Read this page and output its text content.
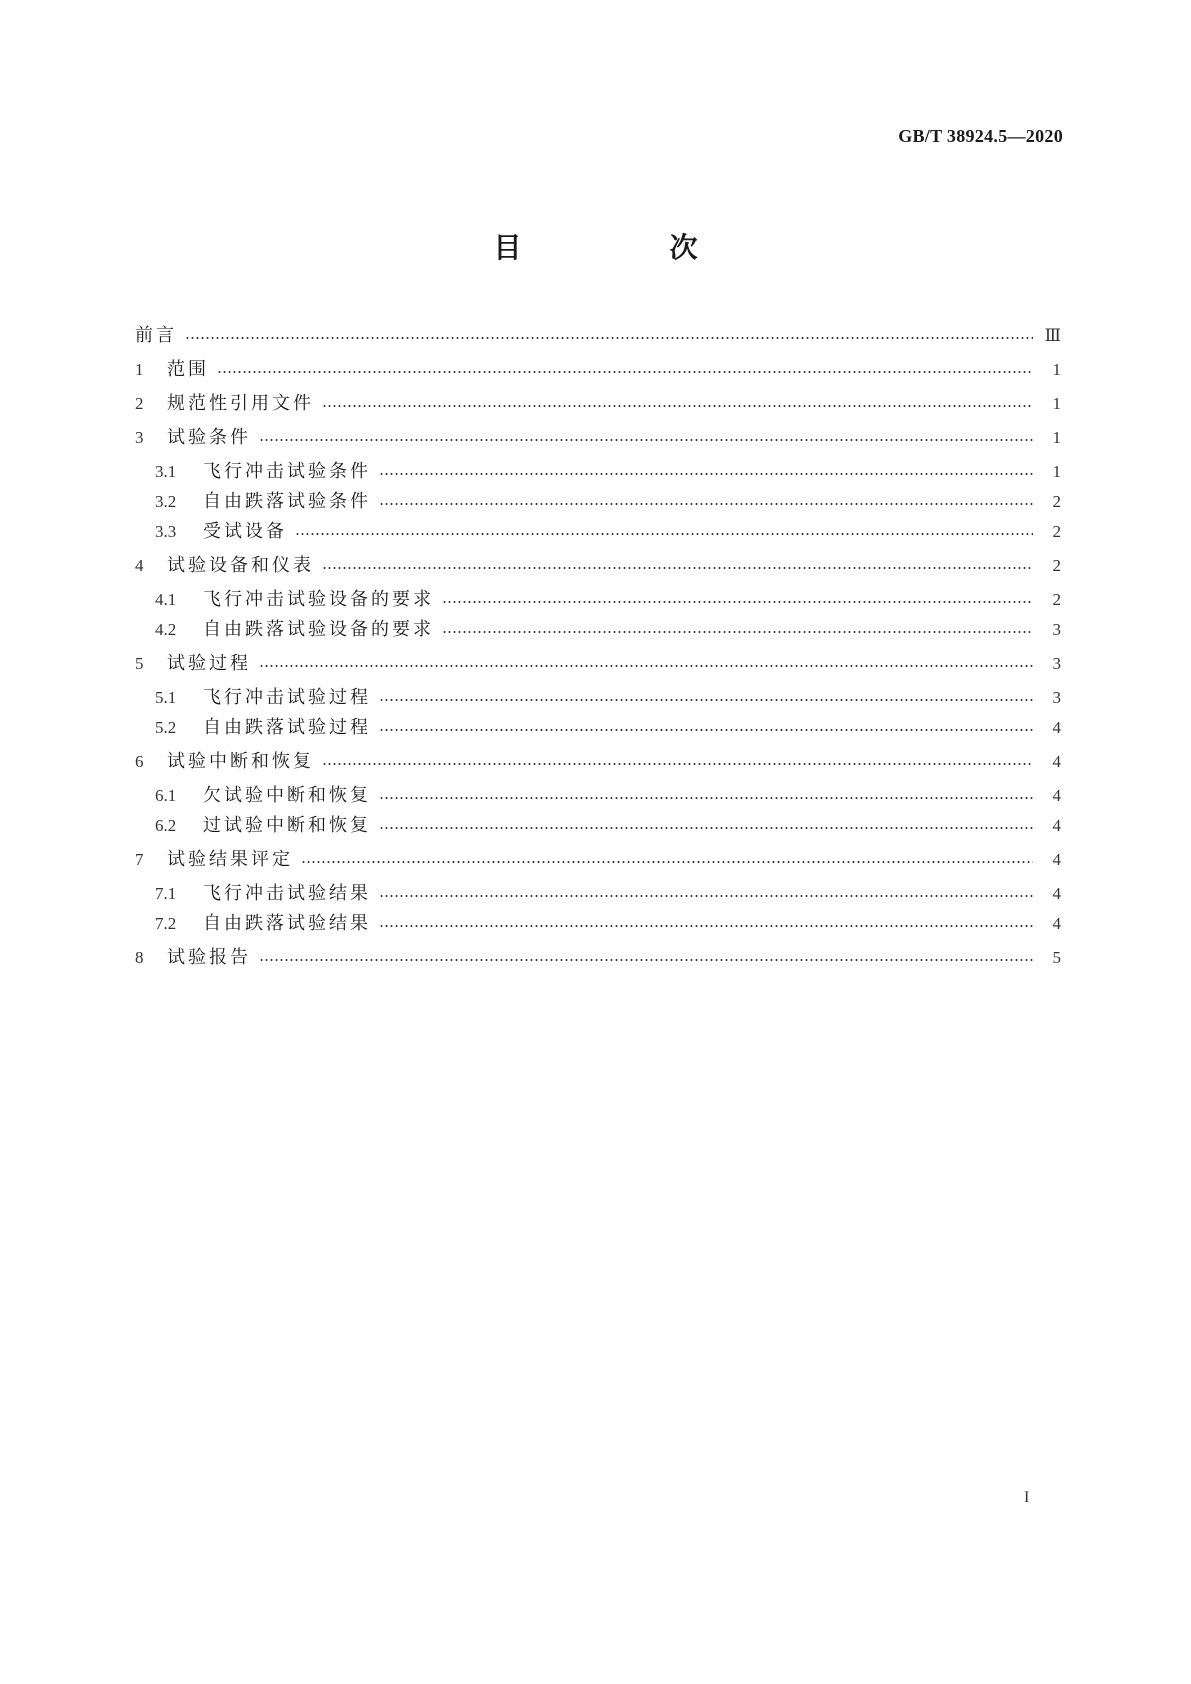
GB/T 38924.5—2020
目　次
前言	Ⅲ
1	范围	1
2	规范性引用文件	1
3	试验条件	1
3.1	飞行冲击试验条件	1
3.2	自由跌落试验条件	2
3.3	受试设备	2
4	试验设备和仪表	2
4.1	飞行冲击试验设备的要求	2
4.2	自由跌落试验设备的要求	3
5	试验过程	3
5.1	飞行冲击试验过程	3
5.2	自由跌落试验过程	4
6	试验中断和恢复	4
6.1	欠试验中断和恢复	4
6.2	过试验中断和恢复	4
7	试验结果评定	4
7.1	飞行冲击试验结果	4
7.2	自由跌落试验结果	4
8	试验报告	5
I
